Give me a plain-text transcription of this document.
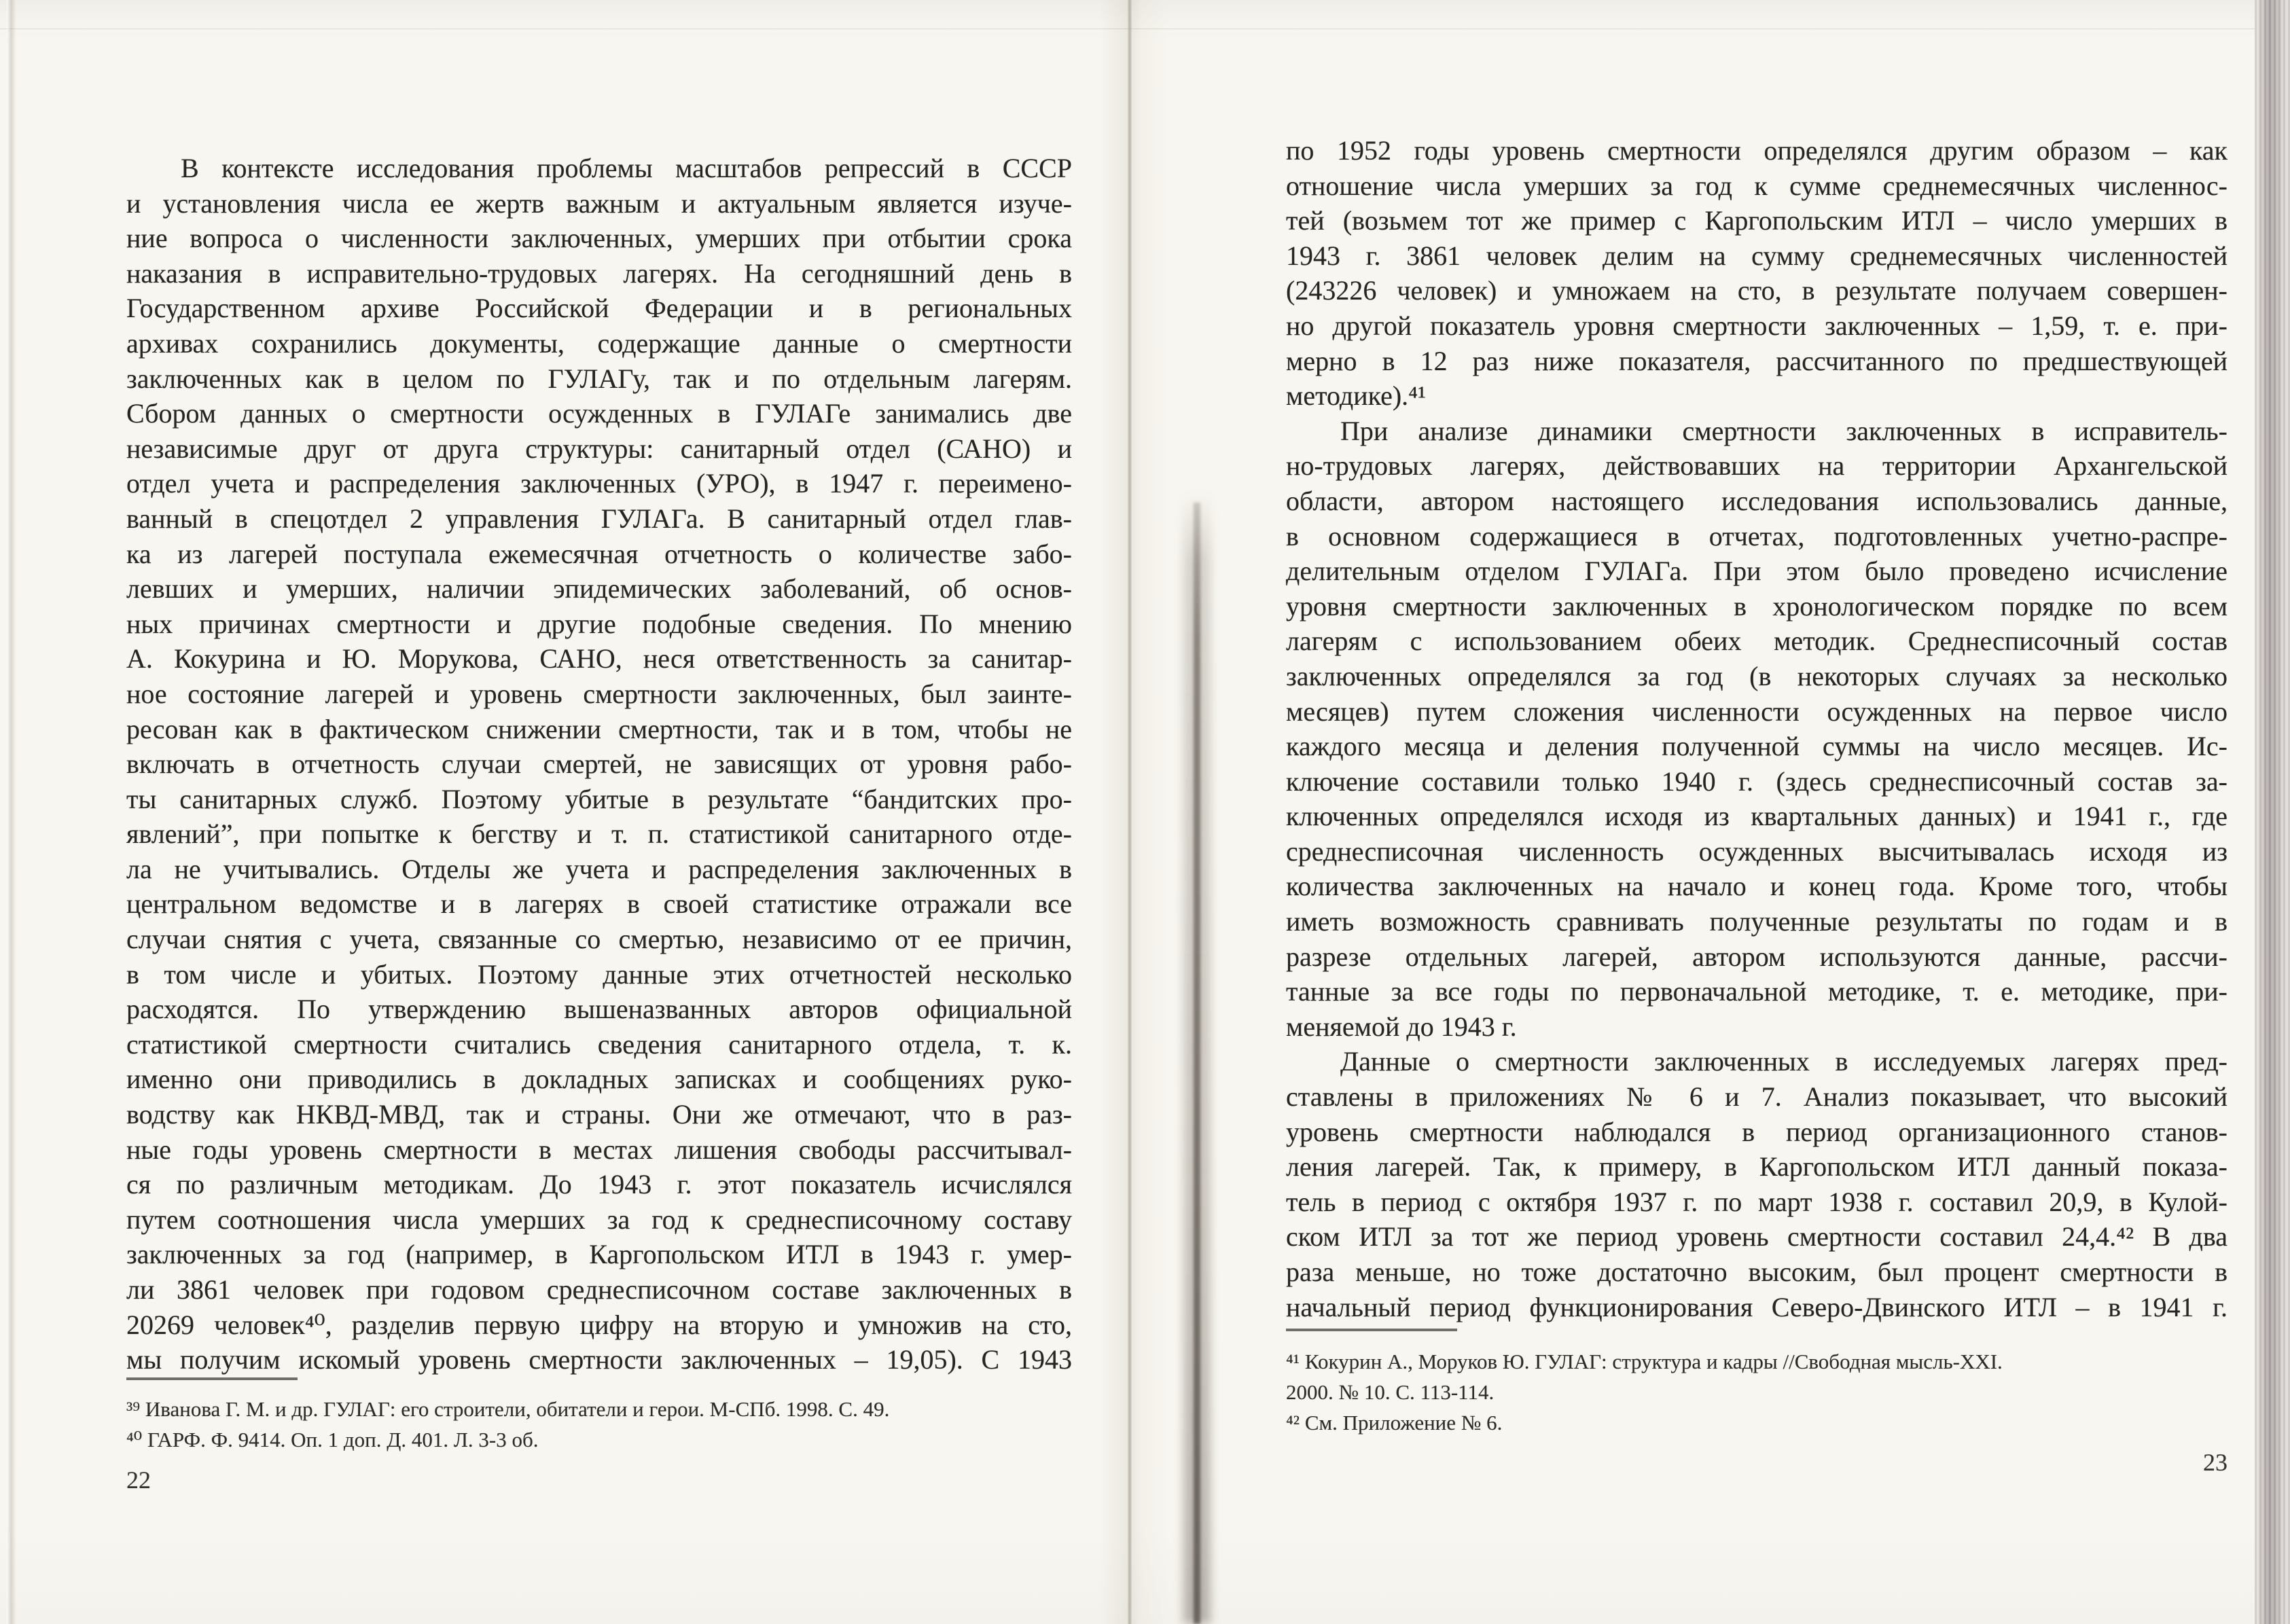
В контексте исследования проблемы масштабов репрессий в СССР
и установления числа ее жертв важным и актуальным является изуче-
ние вопроса о численности заключенных, умерших при отбытии срока
наказания в исправительно-трудовых лагерях. На сегодняшний день в
Государственном архиве Российской Федерации и в региональных
архивах сохранились документы, содержащие данные о смертности
заключенных как в целом по ГУЛАГу, так и по отдельным лагерям.
Сбором данных о смертности осужденных в ГУЛАГе занимались две
независимые друг от друга структуры: санитарный отдел (САНО) и
отдел учета и распределения заключенных (УРО), в 1947 г. переимено-
ванный в спецотдел 2 управления ГУЛАГа. В санитарный отдел глав-
ка из лагерей поступала ежемесячная отчетность о количестве забо-
левших и умерших, наличии эпидемических заболеваний, об основ-
ных причинах смертности и другие подобные сведения. По мнению
А. Кокурина и Ю. Морукова, САНО, неся ответственность за санитар-
ное состояние лагерей и уровень смертности заключенных, был заинте-
ресован как в фактическом снижении смертности, так и в том, чтобы не
включать в отчетность случаи смертей, не зависящих от уровня рабо-
ты санитарных служб. Поэтому убитые в результате “бандитских про-
явлений”, при попытке к бегству и т. п. статистикой санитарного отде-
ла не учитывались. Отделы же учета и распределения заключенных в
центральном ведомстве и в лагерях в своей статистике отражали все
случаи снятия с учета, связанные со смертью, независимо от ее причин,
в том числе и убитых. Поэтому данные этих отчетностей несколько
расходятся. По утверждению вышеназванных авторов официальной
статистикой смертности считались сведения санитарного отдела, т. к.
именно они приводились в докладных записках и сообщениях руко-
водству как НКВД-МВД, так и страны. Они же отмечают, что в раз-
ные годы уровень смертности в местах лишения свободы рассчитывал-
ся по различным методикам. До 1943 г. этот показатель исчислялся
путем соотношения числа умерших за год к среднесписочному составу
заключенных за год (например, в Каргопольском ИТЛ в 1943 г. умер-
ли 3861 человек при годовом среднесписочном составе заключенных в
20269 человек⁴⁰, разделив первую цифру на вторую и умножив на сто,
мы получим искомый уровень смертности заключенных – 19,05). С 1943
³⁹ Иванова Г. М. и др. ГУЛАГ: его строители, обитатели и герои. М-СПб. 1998. С. 49.
⁴⁰ ГАРФ. Ф. 9414. Оп. 1 доп. Д. 401. Л. 3-3 об.
22
по 1952 годы уровень смертности определялся другим образом – как
отношение числа умерших за год к сумме среднемесячных численнос-
тей (возьмем тот же пример с Каргопольским ИТЛ – число умерших в
1943 г. 3861 человек делим на сумму среднемесячных численностей
(243226 человек) и умножаем на сто, в результате получаем совершен-
но другой показатель уровня смертности заключенных – 1,59, т. е. при-
мерно в 12 раз ниже показателя, рассчитанного по предшествующей
методике).⁴¹
При анализе динамики смертности заключенных в исправитель-
но-трудовых лагерях, действовавших на территории Архангельской
области, автором настоящего исследования использовались данные,
в основном содержащиеся в отчетах, подготовленных учетно-распре-
делительным отделом ГУЛАГа. При этом было проведено исчисление
уровня смертности заключенных в хронологическом порядке по всем
лагерям с использованием обеих методик. Среднесписочный состав
заключенных определялся за год (в некоторых случаях за несколько
месяцев) путем сложения численности осужденных на первое число
каждого месяца и деления полученной суммы на число месяцев. Ис-
ключение составили только 1940 г. (здесь среднесписочный состав за-
ключенных определялся исходя из квартальных данных) и 1941 г., где
среднесписочная численность осужденных высчитывалась исходя из
количества заключенных на начало и конец года. Кроме того, чтобы
иметь возможность сравнивать полученные результаты по годам и в
разрезе отдельных лагерей, автором используются данные, рассчи-
танные за все годы по первоначальной методике, т. е. методике, при-
меняемой до 1943 г.
Данные о смертности заключенных в исследуемых лагерях пред-
ставлены в приложениях № 6 и 7. Анализ показывает, что высокий
уровень смертности наблюдался в период организационного станов-
ления лагерей. Так, к примеру, в Каргопольском ИТЛ данный показа-
тель в период с октября 1937 г. по март 1938 г. составил 20,9, в Кулой-
ском ИТЛ за тот же период уровень смертности составил 24,4.⁴² В два
раза меньше, но тоже достаточно высоким, был процент смертности в
начальный период функционирования Северо-Двинского ИТЛ – в 1941 г.
⁴¹ Кокурин А., Моруков Ю. ГУЛАГ: структура и кадры //Свободная мысль-XXI.
2000. № 10. С. 113-114.
⁴² См. Приложение № 6.
23
